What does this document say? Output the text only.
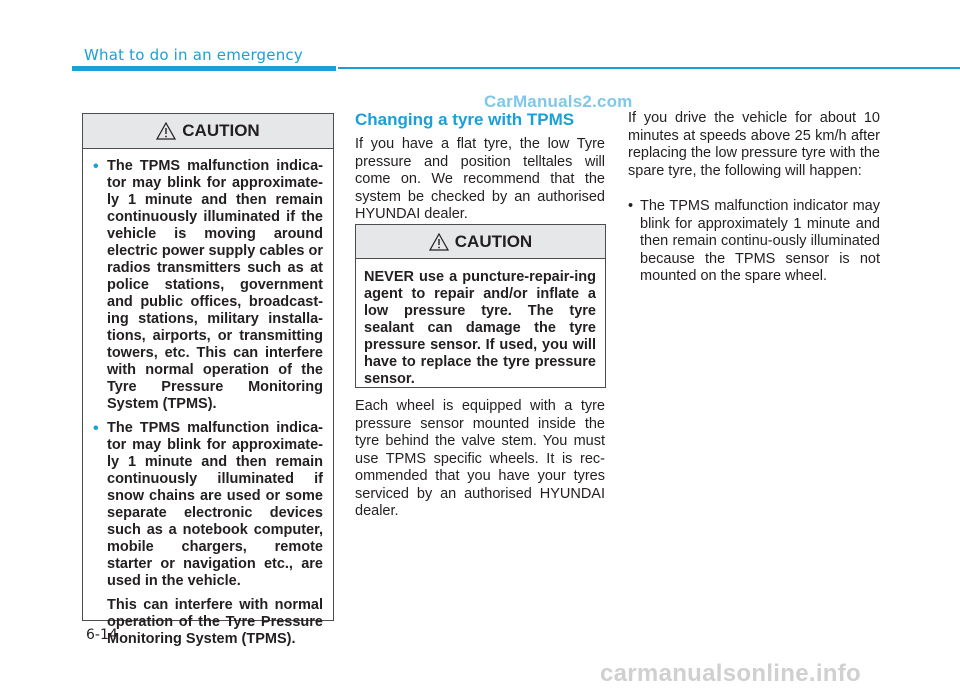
What to do in an emergency
CarManuals2.com
CAUTION
• The TPMS malfunction indica-tor may blink for approximate-ly 1 minute and then remain continuously illuminated if the vehicle is moving around electric power supply cables or radios transmitters such as at police stations, government and public offices, broadcast-ing stations, military installa-tions, airports, or transmitting towers, etc. This can interfere with normal operation of the Tyre Pressure Monitoring System (TPMS).
• The TPMS malfunction indica-tor may blink for approximate-ly 1 minute and then remain continuously illuminated if snow chains are used or some separate electronic devices such as a notebook computer, mobile chargers, remote starter or navigation etc., are used in the vehicle.

This can interfere with normal operation of the Tyre Pressure Monitoring System (TPMS).

Changing a tyre with TPMS

If you have a flat tyre, the low Tyre pressure and position telltales will come on. We recommend that the system be checked by an authorised HYUNDAI dealer.

CAUTION

NEVER use a puncture-repair-ing agent to repair and/or inflate a low pressure tyre. The tyre sealant can damage the tyre pressure sensor. If used, you will have to replace the tyre pressure sensor.

Each wheel is equipped with a tyre pressure sensor mounted inside the tyre behind the valve stem. You must use TPMS specific wheels. It is rec-ommended that you have your tyres serviced by an authorised HYUNDAI dealer.

If you drive the vehicle for about 10 minutes at speeds above 25 km/h after replacing the low pressure tyre with the spare tyre, the following will happen:

• The TPMS malfunction indicator may blink for approximately 1 minute and then remain continu-ously illuminated because the TPMS sensor is not mounted on the spare wheel.
6-14
carmanualsonline.info
